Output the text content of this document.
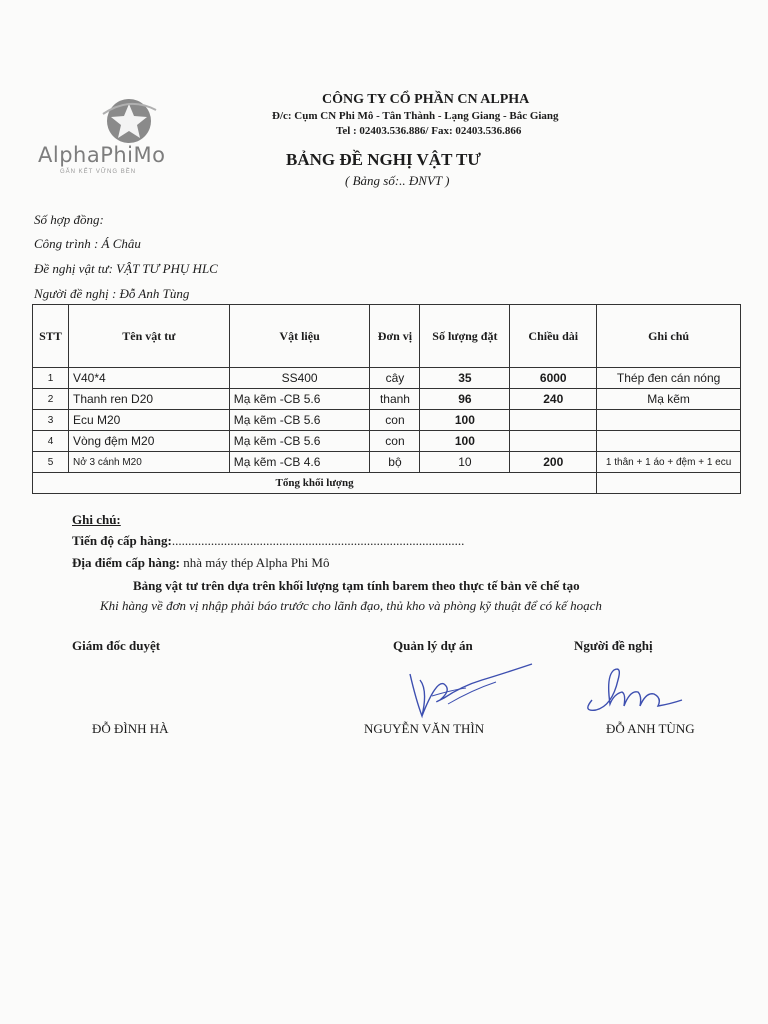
AlphaPhiMo
GẮN KẾT VỮNG BỀN
CÔNG TY CỔ PHẦN CN ALPHA
Đ/c: Cụm CN Phi Mô - Tân Thành - Lạng Giang - Bắc Giang
Tel : 02403.536.886/ Fax: 02403.536.866
BẢNG ĐỀ NGHỊ VẬT TƯ
( Bảng số:.. ĐNVT )
Số hợp đồng:
Công trình : Á Châu
Đề nghị vật tư: VẬT TƯ PHỤ HLC
Người đề nghị : Đỗ Anh Tùng
STT	Tên vật tư	Vật liệu	Đơn vị	Số lượng đặt	Chiều dài	Ghi chú
1	V40*4	SS400	cây	35	6000	Thép đen cán nóng
2	Thanh ren D20	Mạ kẽm -CB 5.6	thanh	96	240	Mạ kẽm
3	Ecu M20	Mạ kẽm -CB 5.6	con	100		
4	Vòng đệm M20	Mạ kẽm -CB 5.6	con	100		
5	Nở 3 cánh M20	Mạ kẽm -CB 4.6	bộ	10	200	1 thân + 1 áo + đệm + 1 ecu
Tổng khối lượng						
Ghi chú:
Tiến độ cấp hàng:..........................................................................................
Địa điểm cấp hàng: nhà máy thép Alpha Phi Mô
Bảng vật tư trên dựa trên khối lượng tạm tính barem theo thực tế bản vẽ chế tạo
Khi hàng về đơn vị nhập phải báo trước cho lãnh đạo, thủ kho và phòng kỹ thuật để có kế hoạch
Giám đốc duyệt	Quản lý dự án	Người đề nghị
ĐỖ ĐÌNH HÀ	NGUYỄN VĂN THÌN	ĐỖ ANH TÙNG
